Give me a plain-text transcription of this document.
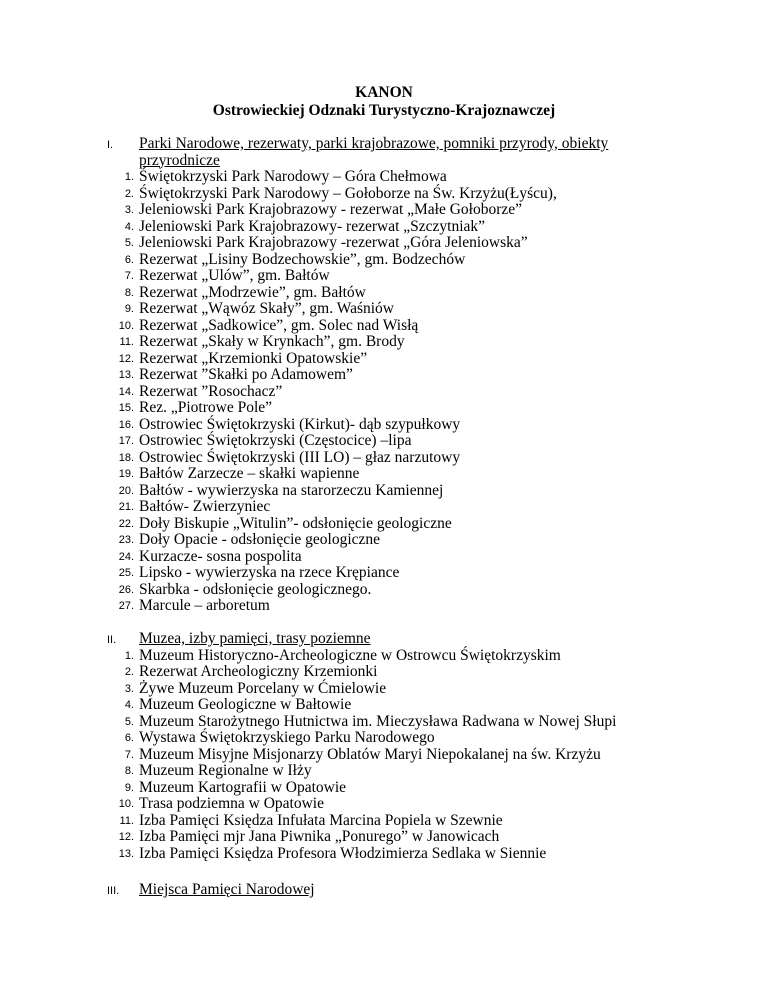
KANON
Ostrowieckiej Odznaki Turystyczno-Krajoznawczej
I. Parki Narodowe, rezerwaty, parki krajobrazowe, pomniki przyrody, obiekty
przyrodnicze
1. Świętokrzyski Park Narodowy – Góra Chełmowa
2. Świętokrzyski Park Narodowy – Gołoborze na Św. Krzyżu(Łyścu),
3. Jeleniowski Park Krajobrazowy - rezerwat „Małe Gołoborze”
4. Jeleniowski Park Krajobrazowy- rezerwat „Szczytniak”
5. Jeleniowski Park Krajobrazowy -rezerwat „Góra Jeleniowska”
6. Rezerwat „Lisiny Bodzechowskie”, gm. Bodzechów
7. Rezerwat „Ulów”, gm. Bałtów
8. Rezerwat „Modrzewie”, gm. Bałtów
9. Rezerwat „Wąwóz Skały”, gm. Waśniów
10. Rezerwat „Sadkowice”, gm. Solec nad Wisłą
11. Rezerwat „Skały w Krynkach”, gm. Brody
12. Rezerwat „Krzemionki Opatowskie”
13. Rezerwat ”Skałki po Adamowem”
14. Rezerwat ”Rosochacz”
15. Rez. „Piotrowe Pole”
16. Ostrowiec Świętokrzyski (Kirkut)- dąb szypułkowy
17. Ostrowiec Świętokrzyski (Częstocice) –lipa
18. Ostrowiec Świętokrzyski (III LO) – głaz narzutowy
19. Bałtów Zarzecze – skałki wapienne
20. Bałtów - wywierzyska na starorzeczu Kamiennej
21. Bałtów- Zwierzyniec
22. Doły Biskupie „Witulin”- odsłonięcie geologiczne
23. Doły Opacie - odsłonięcie geologiczne
24. Kurzacze- sosna pospolita
25. Lipsko - wywierzyska na rzece Krępiance
26. Skarbka - odsłonięcie geologicznego.
27. Marcule – arboretum
II. Muzea, izby pamięci, trasy poziemne
1. Muzeum Historyczno-Archeologiczne w Ostrowcu Świętokrzyskim
2. Rezerwat Archeologiczny Krzemionki
3. Żywe Muzeum Porcelany w Ćmielowie
4. Muzeum Geologiczne w Bałtowie
5. Muzeum Starożytnego Hutnictwa im. Mieczysława Radwana w Nowej Słupi
6. Wystawa Świętokrzyskiego Parku Narodowego
7. Muzeum Misyjne Misjonarzy Oblatów Maryi Niepokalanej na św. Krzyżu
8. Muzeum Regionalne w Iłży
9. Muzeum Kartografii w Opatowie
10. Trasa podziemna w Opatowie
11. Izba Pamięci Księdza Infułata Marcina Popiela w Szewnie
12. Izba Pamięci mjr Jana Piwnika „Ponurego” w Janowicach
13. Izba Pamięci Księdza Profesora Włodzimierza Sedlaka w Siennie
III. Miejsca Pamięci Narodowej
